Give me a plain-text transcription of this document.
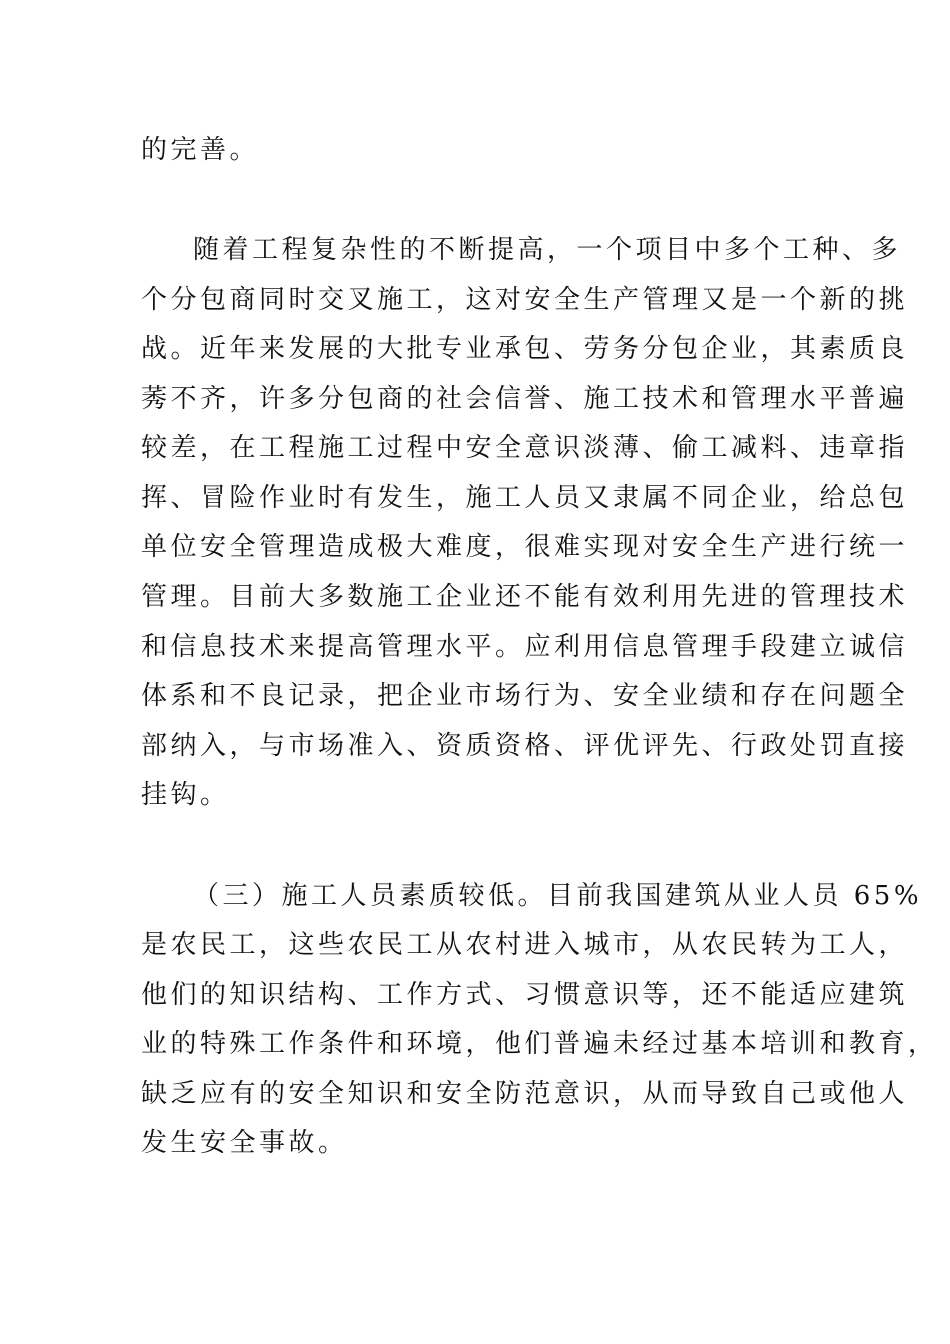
的完善。
随着工程复杂性的不断提高，一个项目中多个工种、多
个分包商同时交叉施工，这对安全生产管理又是一个新的挑
战。近年来发展的大批专业承包、劳务分包企业，其素质良
莠不齐，许多分包商的社会信誉、施工技术和管理水平普遍
较差，在工程施工过程中安全意识淡薄、偷工减料、违章指
挥、冒险作业时有发生，施工人员又隶属不同企业，给总包
单位安全管理造成极大难度，很难实现对安全生产进行统一
管理。目前大多数施工企业还不能有效利用先进的管理技术
和信息技术来提高管理水平。应利用信息管理手段建立诚信
体系和不良记录，把企业市场行为、安全业绩和存在问题全
部纳入，与市场准入、资质资格、评优评先、行政处罚直接
挂钩。
（三）施工人员素质较低。目前我国建筑从业人员 65%
是农民工，这些农民工从农村进入城市，从农民转为工人，
他们的知识结构、工作方式、习惯意识等，还不能适应建筑
业的特殊工作条件和环境，他们普遍未经过基本培训和教育，
缺乏应有的安全知识和安全防范意识，从而导致自己或他人
发生安全事故。
